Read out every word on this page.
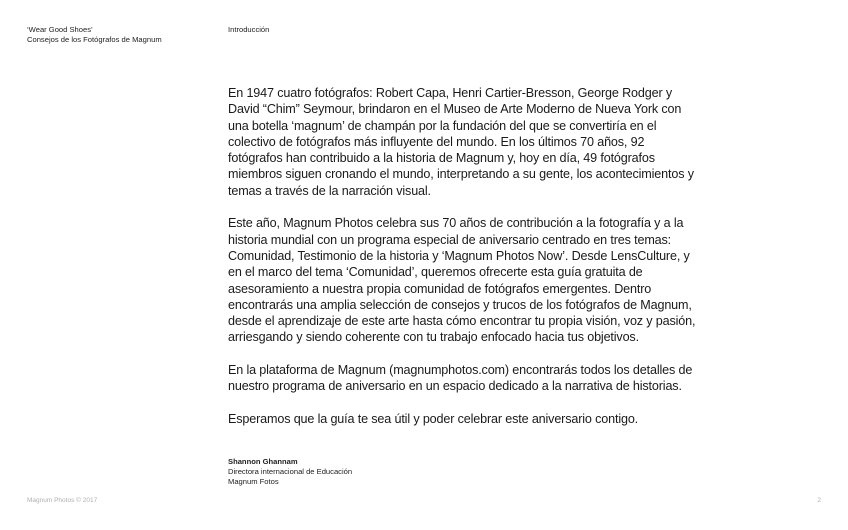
‘Wear Good Shoes’
Consejos de los Fotógrafos de Magnum
Introducción

En 1947 cuatro fotógrafos: Robert Capa, Henri Cartier-Bresson, George Rodger y David “Chim” Seymour, brindaron en el Museo de Arte Moderno de Nueva York con una botella ‘magnum’ de champán por la fundación del que se convertiría en el colectivo de fotógrafos más influyente del mundo. En los últimos 70 años, 92 fotógrafos han contribuido a la historia de Magnum y, hoy en día, 49 fotógrafos miembros siguen cronando el mundo, interpretando a su gente, los acontecimientos y temas a través de la narración visual.

Este año, Magnum Photos celebra sus 70 años de contribución a la fotografía y a la historia mundial con un programa especial de aniversario centrado en tres temas: Comunidad, Testimonio de la historia y ‘Magnum Photos Now’. Desde LensCulture, y en el marco del tema ‘Comunidad’, queremos ofrecerte esta guía gratuita de asesoramiento a nuestra propia comunidad de fotógrafos emergentes. Dentro encontrarás una amplia selección de consejos y trucos de los fotógrafos de Magnum, desde el aprendizaje de este arte hasta cómo encontrar tu propia visión, voz y pasión, arriesgando y siendo coherente con tu trabajo enfocado hacia tus objetivos.

En la plataforma de Magnum (magnumphotos.com) encontrarás todos los detalles de nuestro programa de aniversario en un espacio dedicado a la narrativa de historias.

Esperamos que la guía te sea útil y poder celebrar este aniversario contigo.

Shannon Ghannam
Directora internacional de Educación
Magnum Fotos
Magnum Photos © 2017	2
